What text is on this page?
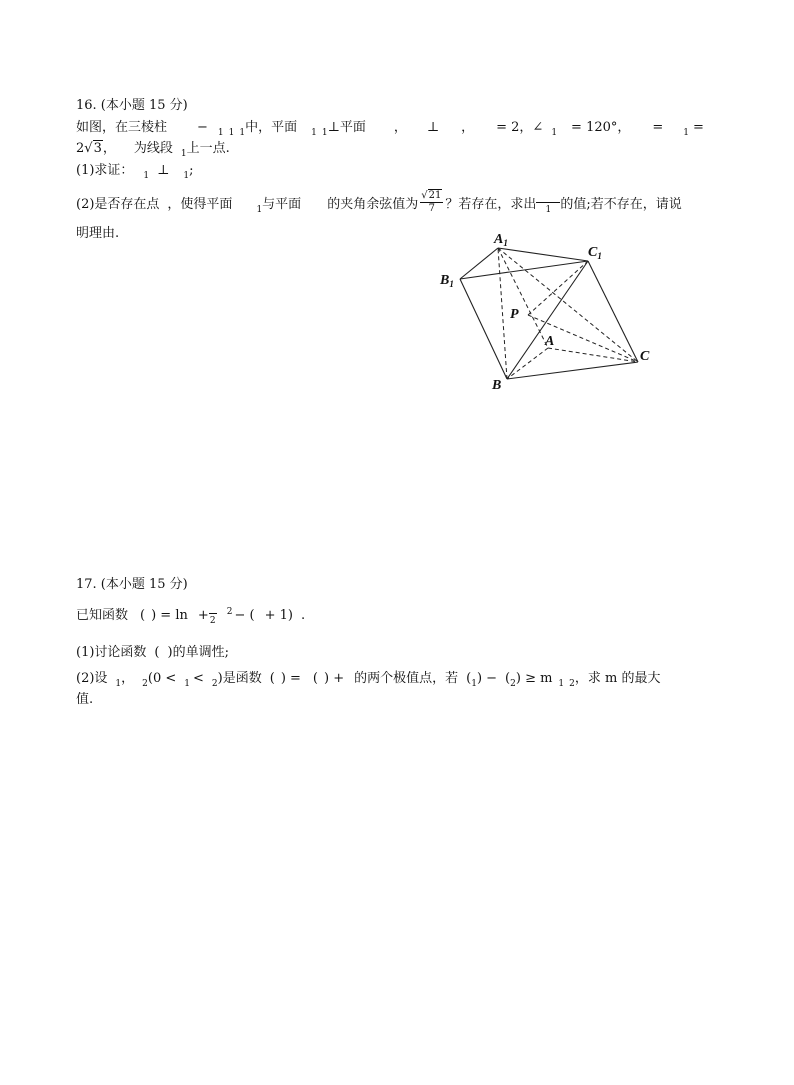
16. (本小题 15 分)
如图，在三棱柱 − $_1$ $_1$ $_1$中，平面 $_1$ $_1$⊥平面 ， ⊥ ， = 2，∠ $_1$ = 120°， = $_1$ =
2√3， 为线段 $_1$上一点.
(1)求证： $_1$ ⊥ $_1$;
(2)是否存在点 ，使得平面	$_1$与平面 的夹角余弦值为 $\frac{√21}{7}$ ？若存在，求出	1 的值;若不存在，请说
明理由.	$A_1$
$C_1$
$B_1$
P
A
C
B
17. (本小题 15 分)
已知函数 ( ) = ln + 2
$^2$ − ( + 1) .
(1)讨论函数 ( )的单调性;
(2)设 $_1$， $_2$(0 < $_1$ < $_2$)是函数 ( ) = ( ) + 的两个极值点，若 $(_1) - (_2) \ge m$ $_1$ $_2$，求 m 的最大
值.
